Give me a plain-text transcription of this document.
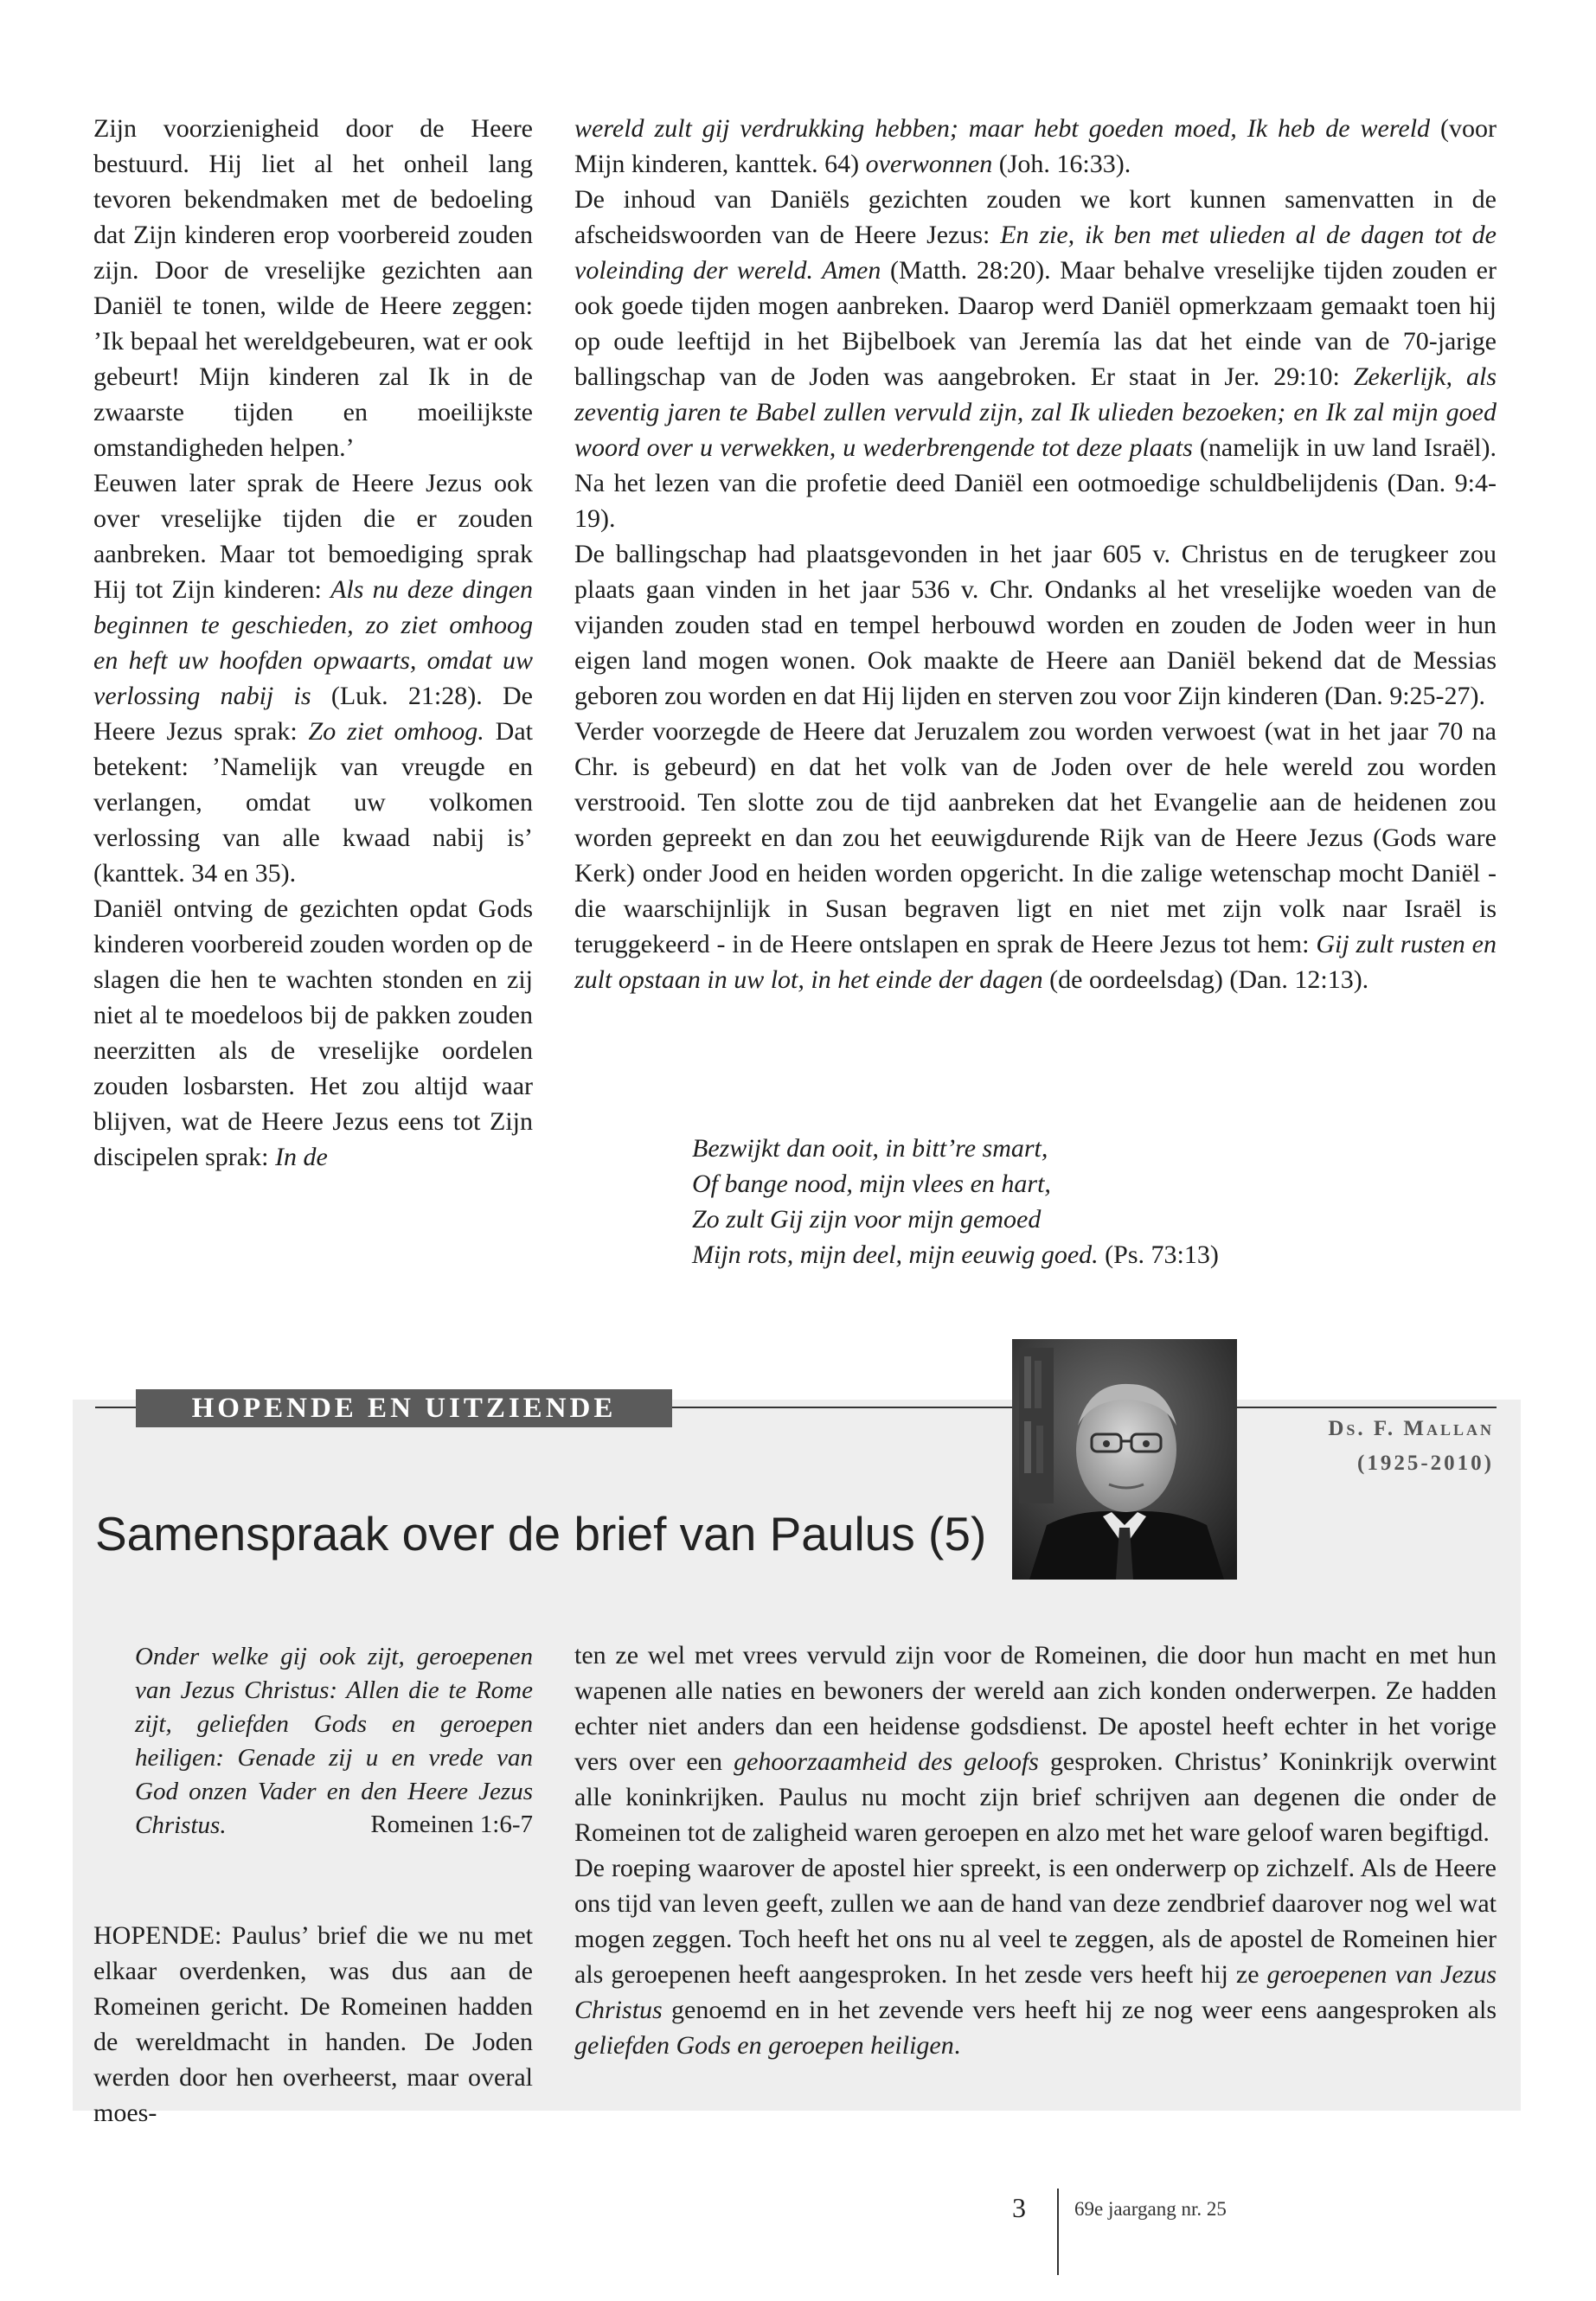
Zijn voorzienigheid door de Heere bestuurd. Hij liet al het onheil lang tevoren bekendmaken met de bedoeling dat Zijn kinderen erop voorbereid zouden zijn. Door de vreselijke gezichten aan Daniël te tonen, wilde de Heere zeggen: ’Ik bepaal het wereldgebeuren, wat er ook gebeurt! Mijn kinderen zal Ik in de zwaarste tijden en moeilijkste omstandigheden helpen.’

Eeuwen later sprak de Heere Jezus ook over vreselijke tijden die er zouden aanbreken. Maar tot bemoediging sprak Hij tot Zijn kinderen: Als nu deze dingen beginnen te geschieden, zo ziet omhoog en heft uw hoofden opwaarts, omdat uw verlossing nabij is (Luk. 21:28). De Heere Jezus sprak: Zo ziet omhoog. Dat betekent: ’Namelijk van vreugde en verlangen, omdat uw volkomen verlossing van alle kwaad nabij is’ (kanttek. 34 en 35).

Daniël ontving de gezichten opdat Gods kinderen voorbereid zouden worden op de slagen die hen te wachten stonden en zij niet al te moedeloos bij de pakken zouden neerzitten als de vreselijke oordelen zouden losbarsten. Het zou altijd waar blijven, wat de Heere Jezus eens tot Zijn discipelen sprak: In de

wereld zult gij verdrukking hebben; maar hebt goeden moed, Ik heb de wereld (voor Mijn kinderen, kanttek. 64) overwonnen (Joh. 16:33).

De inhoud van Daniëls gezichten zouden we kort kunnen samenvatten in de afscheidswoorden van de Heere Jezus: En zie, ik ben met ulieden al de dagen tot de voleinding der wereld. Amen (Matth. 28:20). Maar behalve vreselijke tijden zouden er ook goede tijden mogen aanbreken. Daarop werd Daniël opmerkzaam gemaakt toen hij op oude leeftijd in het Bijbelboek van Jeremía las dat het einde van de 70-jarige ballingschap van de Joden was aangebroken. Er staat in Jer. 29:10: Zekerlijk, als zeventig jaren te Babel zullen vervuld zijn, zal Ik ulieden bezoeken; en Ik zal mijn goed woord over u verwekken, u wederbrengende tot deze plaats (namelijk in uw land Israël). Na het lezen van die profetie deed Daniël een ootmoedige schuldbelijdenis (Dan. 9:4-19).

De ballingschap had plaatsgevonden in het jaar 605 v. Christus en de terugkeer zou plaats gaan vinden in het jaar 536 v. Chr. Ondanks al het vreselijke woeden van de vijanden zouden stad en tempel herbouwd worden en zouden de Joden weer in hun eigen land mogen wonen. Ook maakte de Heere aan Daniël bekend dat de Messias geboren zou worden en dat Hij lijden en sterven zou voor Zijn kinderen (Dan. 9:25-27).

Verder voorzegde de Heere dat Jeruzalem zou worden verwoest (wat in het jaar 70 na Chr. is gebeurd) en dat het volk van de Joden over de hele wereld zou worden verstrooid. Ten slotte zou de tijd aanbreken dat het Evangelie aan de heidenen zou worden gepreekt en dan zou het eeuwigdurende Rijk van de Heere Jezus (Gods ware Kerk) onder Jood en heiden worden opgericht. In die zalige wetenschap mocht Daniël - die waarschijnlijk in Susan begraven ligt en niet met zijn volk naar Israël is teruggekeerd - in de Heere ontslapen en sprak de Heere Jezus tot hem: Gij zult rusten en zult opstaan in uw lot, in het einde der dagen (de oordeelsdag) (Dan. 12:13).

Bezwijkt dan ooit, in bitt’re smart,
Of bange nood, mijn vlees en hart,
Zo zult Gij zijn voor mijn gemoed
Mijn rots, mijn deel, mijn eeuwig goed. (Ps. 73:13)
HOPENDE EN UITZIENDE
Ds. F. Mallan
(1925-2010)
Samenspraak over de brief van Paulus (5)

Onder welke gij ook zijt, geroepenen van Jezus Christus: Allen die te Rome zijt, geliefden Gods en geroepen heiligen: Genade zij u en vrede van God onzen Vader en den Heere Jezus Christus.	Romeinen 1:6-7

HOPENDE: Paulus’ brief die we nu met elkaar overdenken, was dus aan de Romeinen gericht. De Romeinen hadden de wereldmacht in handen. De Joden werden door hen overheerst, maar overal moes-

ten ze wel met vrees vervuld zijn voor de Romeinen, die door hun macht en met hun wapenen alle naties en bewoners der wereld aan zich konden onderwerpen. Ze hadden echter niet anders dan een heidense godsdienst. De apostel heeft echter in het vorige vers over een gehoorzaamheid des geloofs gesproken. Christus’ Koninkrijk overwint alle koninkrijken. Paulus nu mocht zijn brief schrijven aan degenen die onder de Romeinen tot de zaligheid waren geroepen en alzo met het ware geloof waren begiftigd.

De roeping waarover de apostel hier spreekt, is een onderwerp op zichzelf. Als de Heere ons tijd van leven geeft, zullen we aan de hand van deze zendbrief daarover nog wel wat mogen zeggen. Toch heeft het ons nu al veel te zeggen, als de apostel de Romeinen hier als geroepenen heeft aangesproken. In het zesde vers heeft hij ze geroepenen van Jezus Christus genoemd en in het zevende vers heeft hij ze nog weer eens aangesproken als geliefden Gods en geroepen heiligen.

3 69e jaargang nr. 25
